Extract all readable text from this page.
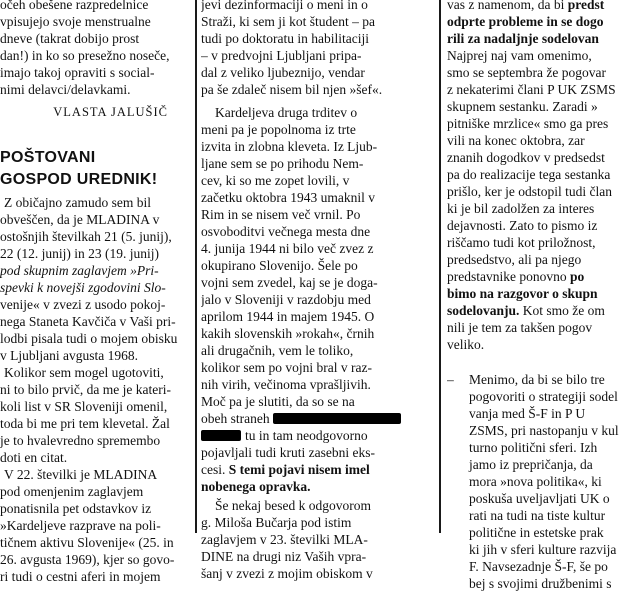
očeh obešene razpredelnice
vpisujejo svoje menstrualne
dneve (takrat dobijo prost
dan!) in ko so presežno noseče,
imajo takoj opraviti s social-
nimi delavci/delavkami.
VLASTA JALUŠIČ
POŠTOVANI
GOSPOD UREDNIK!
Z običajno zamudo sem bil
obveščen, da je MLADINA v
ostošnjih številkah 21 (5. junij),
22 (12. junij) in 23 (19. junij)
pod skupnim zaglavjem »Pri-
spevki k novejši zgodovini Slo-
venije« v zvezi z usodo pokoj-
nega Staneta Kavčiča v Vaši pri-
lodbi pisala tudi o mojem obisku
v Ljubljani avgusta 1968.
Kolikor sem mogel ugotoviti,
ni to bilo prvič, da me je kateri-
koli list v SR Sloveniji omenil,
toda bi me pri tem klevetal. Žal
je to hvalevredno spremembo
doti en citat.
V 22. številki je MLADINA
pod omenjenim zaglavjem
ponatisnila pet odstavkov iz
»Kardeljeve razprave na poli-
tičnem aktivu Slovenije« (25. in
26. avgusta 1969), kjer so govo-
ri tudi o cestni aferi in mojem
jevi dezinformaciji o meni in o
Straži, ki sem ji kot študent – pa
tudi po doktoratu in habilitaciji
– v predvojni Ljubljani pripa-
dal z veliko ljubeznijo, vendar
pa še zdaleč nisem bil njen »šef«.
Kardeljeva druga trditev o
meni pa je popolnoma iz trte
izvita in zlobna kleveta. Iz Ljub-
ljane sem se po prihodu Nem-
cev, ki so me zopet lovili, v
začetku oktobra 1943 umaknil v
Rim in se nisem več vrnil. Po
osvoboditvi večnega mesta dne
4. junija 1944 ni bilo več zvez z
okupirano Slovenijo. Šele po
vojni sem zvedel, kaj se je doga-
jalo v Sloveniji v razdobju med
aprilom 1944 in majem 1945. O
kakih slovenskih »rokah«, črnih
ali drugačnih, vem le toliko,
kolikor sem po vojni bral v raz-
nih virih, večinoma vprašljivih.
Moč pa je slutiti, da so se na
obeh straneh
tu in tam neodgovorno
pojavljali tudi kruti zasebni eks-
cesi. S temi pojavi nisem imel
nobenega opravka.
Še nekaj besed k odgovorom
g. Miloša Bučarja pod istim
zaglavjem v 23. številki MLA-
DINE na drugi niz Vaših vpra-
šanj v zvezi z mojim obiskom v
vas z namenom, da bi predst
odprte probleme in se dogo
rili za nadaljnje sodelovan
Najprej naj vam omenimo,
smo se septembra že pogovar
z nekaterimi člani P UK ZSMS
skupnem sestanku. Zaradi »
pitniške mrzlice« smo ga pres
vili na konec oktobra, zar
znanih dogodkov v predsedst
pa do realizacije tega sestanka
prišlo, ker je odstopil tudi član
ki je bil zadolžen za interes
dejavnosti. Zato to pismo iz
riščamo tudi kot priložnost,
predsedstvo, ali pa njego
predstavnike ponovno po
bimo na razgovor o skupn
sodelovanju. Kot smo že om
nili je tem za takšen pogov
veliko.
– Menimo, da bi se bilo tre
pogovoriti o strategiji sodel
vanja med Š-F in P U
ZSMS, pri nastopanju v kul
turno politični sferi. Izh
jamo iz prepričanja, da
mora »nova politika«, ki
poskuša uveljavljati UK o
rati na tudi na tiste kultur
politične in estetske prak
ki jih v sferi kulture razvija
F. Navsezadnje Š-F, še po
bej s svojimi družbenimi s
